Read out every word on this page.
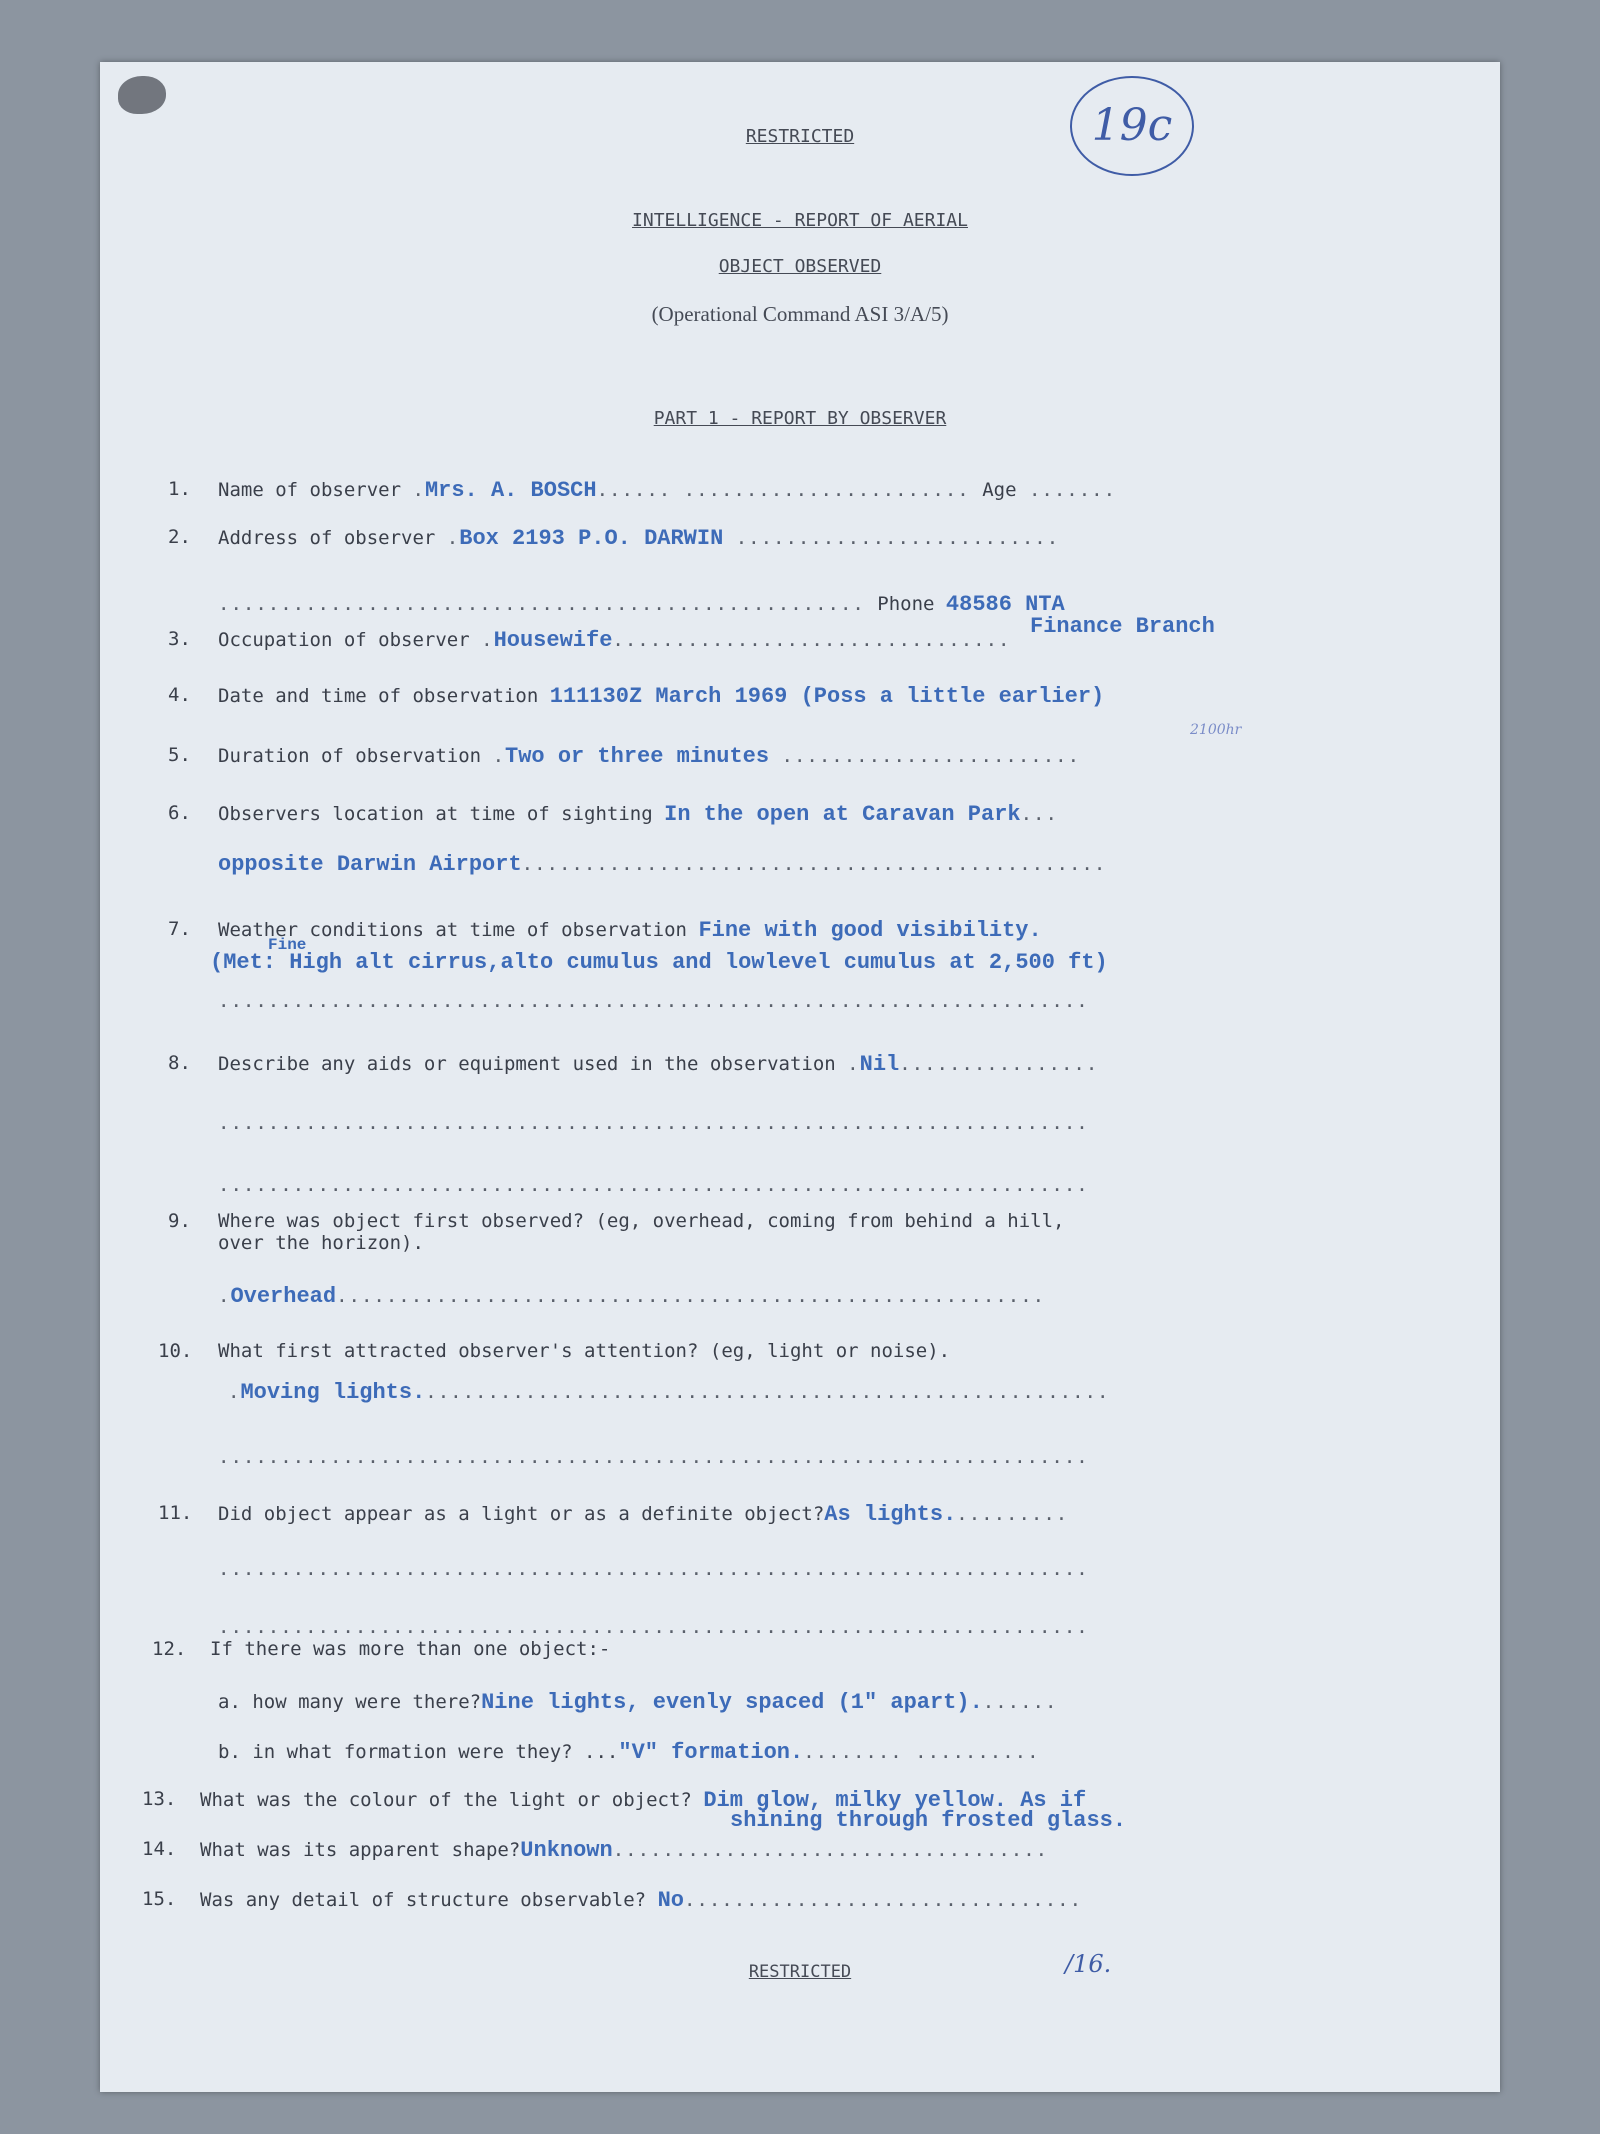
RESTRICTED	19c
INTELLIGENCE - REPORT OF AERIAL
OBJECT OBSERVED
(Operational Command ASI 3/A/5)
PART 1 - REPORT BY OBSERVER
1. Name of observer .Mrs. A. BOSCH...... ....................... Age .......
2. Address of observer .Box 2193 P.O. DARWIN ..........................
.................................................... Phone 48586 NTA
Finance Branch
3. Occupation of observer .Housewife................................
4. Date and time of observation 111130Z March 1969 (Poss a little earlier)
2100hr
5. Duration of observation .Two or three minutes ........................
6. Observers location at time of sighting In the open at Caravan Park...
opposite Darwin Airport...............................................
7. Weather conditions at time of observation Fine with good visibility.
Fine
(Met: High alt cirrus,alto cumulus and lowlevel cumulus at 2,500 ft)
......................................................................
8. Describe any aids or equipment used in the observation .Nil................
......................................................................
......................................................................
9. Where was object first observed? (eg, overhead, coming from behind a hill,
over the horizon).
.Overhead.........................................................
10. What first attracted observer's attention? (eg, light or noise).
.Moving lights........................................................
......................................................................
11. Did object appear as a light or as a definite object?As lights..........
......................................................................
......................................................................
12. If there was more than one object:-
a. how many were there?Nine lights, evenly spaced (1" apart).......
b. in what formation were they? ..."V" formation......... ..........
13. What was the colour of the light or object? Dim glow, milky yellow. As if
shining through frosted glass.
14. What was its apparent shape?Unknown...................................
15. Was any detail of structure observable? No................................
RESTRICTED	/16.
